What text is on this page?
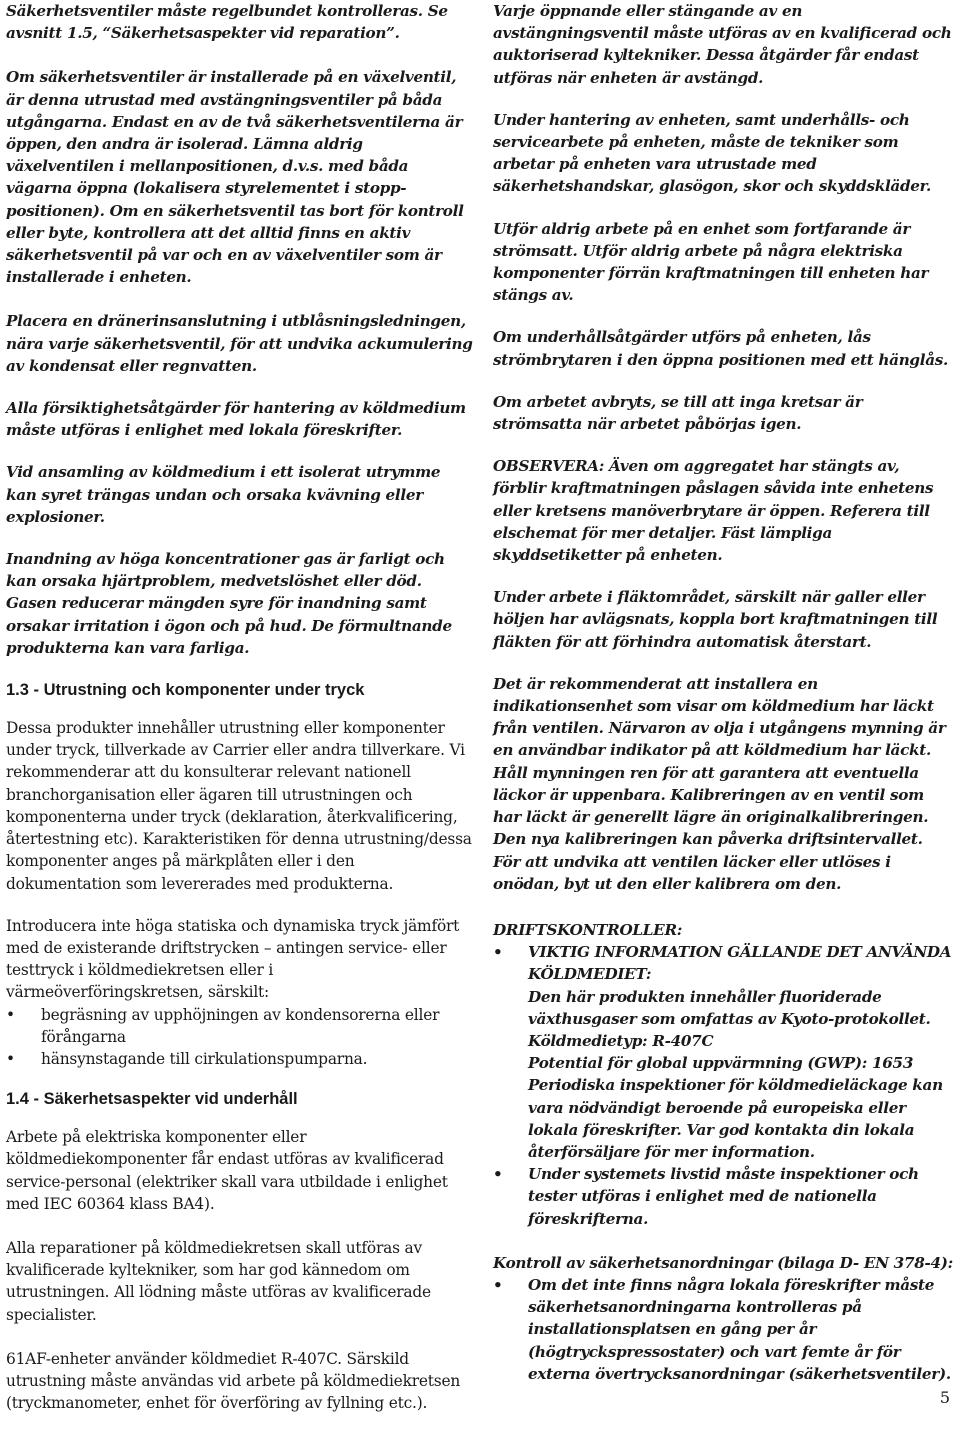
Säkerhetsventiler måste regelbundet kontrolleras. Se avsnitt 1.5, “Säkerhetsaspekter vid reparation”.

Om säkerhetsventiler är installerade på en växelventil, är denna utrustad med avstängningsventiler på båda utgångarna. Endast en av de två säkerhetsventilerna är öppen, den andra är isolerad. Lämna aldrig växelventilen i mellanpositionen, d.v.s. med båda vägarna öppna (lokalisera styrelementet i stopp-positionen). Om en säkerhetsventil tas bort för kontroll eller byte, kontrollera att det alltid finns en aktiv säkerhetsventil på var och en av växelventiler som är installerade i enheten.

Placera en dränerinsanslutning i utblåsningsledningen, nära varje säkerhetsventil, för att undvika ackumulering av kondensat eller regnvatten.

Alla försiktighetsåtgärder för hantering av köldmedium måste utföras i enlighet med lokala föreskrifter.

Vid ansamling av köldmedium i ett isolerat utrymme kan syret trängas undan och orsaka kvävning eller explosioner.

Inandning av höga koncentrationer gas är farligt och kan orsaka hjärtproblem, medvetslöshet eller död. Gasen reducerar mängden syre för inandning samt orsakar irritation i ögon och på hud. De förmultnande produkterna kan vara farliga.

1.3 - Utrustning och komponenter under tryck

Dessa produkter innehåller utrustning eller komponenter under tryck, tillverkade av Carrier eller andra tillverkare. Vi rekommenderar att du konsulterar relevant nationell branchorganisation eller ägaren till utrustningen och komponenterna under tryck (deklaration, återkvalificering, återtestning etc). Karakteristiken för denna utrustning/dessa komponenter anges på märkplåten eller i den dokumentation som levererades med produkterna.

Introducera inte höga statiska och dynamiska tryck jämfört med de existerande driftstrycken – antingen service- eller testtryck i köldmediekretsen eller i värmeöverföringskretsen, särskilt:

• begräsning av upphöjningen av kondensorerna eller förångarna
• hänsynstagande till cirkulationspumparna.
1.4 - Säkerhetsaspekter vid underhåll

Arbete på elektriska komponenter eller köldmediekomponenter får endast utföras av kvalificerad service-personal (elektriker skall vara utbildade i enlighet med IEC 60364 klass BA4).

Alla reparationer på köldmediekretsen skall utföras av kvalificerade kyltekniker, som har god kännedom om utrustningen. All lödning måste utföras av kvalificerade specialister.

61AF-enheter använder köldmediet R-407C. Särskild utrustning måste användas vid arbete på köldmediekretsen (tryckmanometer, enhet för överföring av fyllning etc.).

Varje öppnande eller stängande av en avstängningsventil måste utföras av en kvalificerad och auktoriserad kyltekniker. Dessa åtgärder får endast utföras när enheten är avstängd.

Under hantering av enheten, samt underhålls- och servicearbete på enheten, måste de tekniker som arbetar på enheten vara utrustade med säkerhetshandskar, glasögon, skor och skyddskläder.

Utför aldrig arbete på en enhet som fortfarande är strömsatt. Utför aldrig arbete på några elektriska komponenter förrän kraftmatningen till enheten har stängs av.

Om underhållsåtgärder utförs på enheten, lås strömbrytaren i den öppna positionen med ett hänglås.

Om arbetet avbryts, se till att inga kretsar är strömsatta när arbetet påbörjas igen.

OBSERVERA: Även om aggregatet har stängts av, förblir kraftmatningen påslagen såvida inte enhetens eller kretsens manöverbrytare är öppen. Referera till elschemat för mer detaljer. Fäst lämpliga skyddsetiketter på enheten.

Under arbete i fläktområdet, särskilt när galler eller höljen har avlägsnats, koppla bort kraftmatningen till fläkten för att förhindra automatisk återstart.

Det är rekommenderat att installera en indikationsenhet som visar om köldmedium har läckt från ventilen. Närvaron av olja i utgångens mynning är en användbar indikator på att köldmedium har läckt. Håll mynningen ren för att garantera att eventuella läckor är uppenbara. Kalibreringen av en ventil som har läckt är generellt lägre än originalkalibreringen. Den nya kalibreringen kan påverka driftsintervallet. För att undvika att ventilen läcker eller utlöses i onödan, byt ut den eller kalibrera om den.

DRIFTSKONTROLLER:

• VIKTIG INFORMATION GÄLLANDE DET ANVÄNDA KÖLDMEDIET:
Den här produkten innehåller fluoriderade växthusgaser som omfattas av Kyoto-protokollet.
Köldmedietyp: R-407C
Potential för global uppvärmning (GWP): 1653
Periodiska inspektioner för köldmedieläckage kan vara nödvändigt beroende på europeiska eller lokala föreskrifter. Var god kontakta din lokala återförsäljare för mer information.
• Under systemets livstid måste inspektioner och tester utföras i enlighet med de nationella föreskrifterna.

Kontroll av säkerhetsanordningar (bilaga D- EN 378-4):

• Om det inte finns några lokala föreskrifter måste säkerhetsanordningarna kontrolleras på installationsplatsen en gång per år (högtryckspressostater) och vart femte år för externa övertrycksanordningar (säkerhetsventiler).
5
